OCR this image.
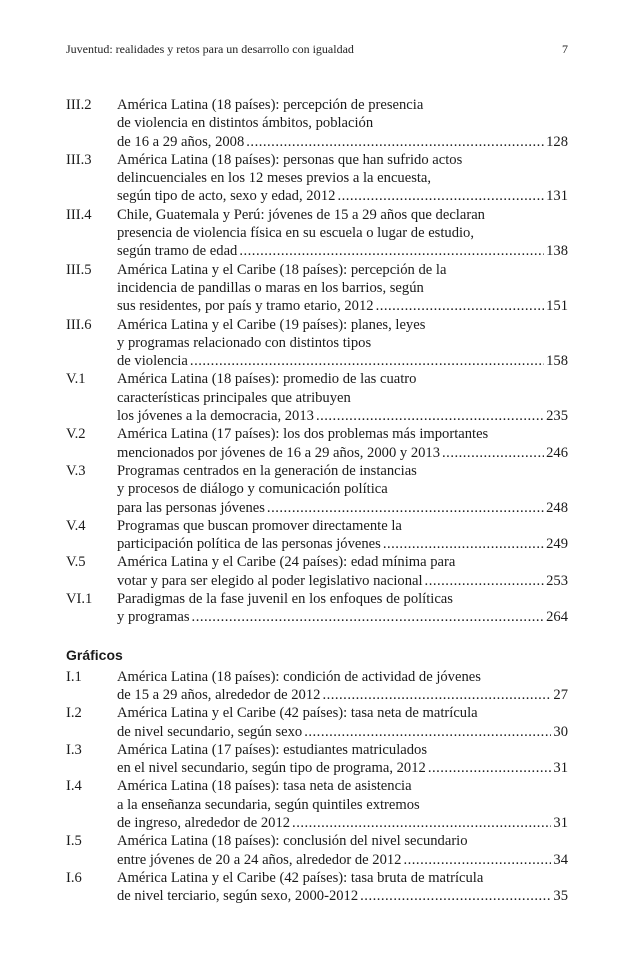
Juventud: realidades y retos para un desarrollo con igualdad	7
III.2	América Latina (18 países): percepción de presencia
de violencia en distintos ámbitos, población
de 16 a 29 años, 2008 .....	128
III.3	América Latina (18 países): personas que han sufrido actos
delincuenciales en los 12 meses previos a la encuesta,
según tipo de acto, sexo y edad, 2012 .....	131
III.4	Chile, Guatemala y Perú: jóvenes de 15 a 29 años que declaran
presencia de violencia física en su escuela o lugar de estudio,
según tramo de edad .....	138
III.5	América Latina y el Caribe (18 países): percepción de la
incidencia de pandillas o maras en los barrios, según
sus residentes, por país y tramo etario, 2012 .....	151
III.6	América Latina y el Caribe (19 países): planes, leyes
y programas relacionado con distintos tipos
de violencia .....	158
V.1	América Latina (18 países): promedio de las cuatro
características principales que atribuyen
los jóvenes a la democracia, 2013 .....	235
V.2	América Latina (17 países): los dos problemas más importantes
mencionados por jóvenes de 16 a 29 años, 2000 y 2013 .....	246
V.3	Programas centrados en la generación de instancias
y procesos de diálogo y comunicación política
para las personas jóvenes .....	248
V.4	Programas que buscan promover directamente la
participación política de las personas jóvenes .....	249
V.5	América Latina y el Caribe (24 países): edad mínima para
votar y para ser elegido al poder legislativo nacional .....	253
VI.1	Paradigmas de la fase juvenil en los enfoques de políticas
y programas .....	264
Gráficos
I.1	América Latina (18 países): condición de actividad de jóvenes
de 15 a 29 años, alrededor de 2012 .....	27
I.2	América Latina y el Caribe (42 países): tasa neta de matrícula
de nivel secundario, según sexo .....	30
I.3	América Latina (17 países): estudiantes matriculados
en el nivel secundario, según tipo de programa, 2012 .....	31
I.4	América Latina (18 países): tasa neta de asistencia
a la enseñanza secundaria, según quintiles extremos
de ingreso, alrededor de 2012 .....	31
I.5	América Latina (18 países): conclusión del nivel secundario
entre jóvenes de 20 a 24 años, alrededor de 2012 .....	34
I.6	América Latina y el Caribe (42 países): tasa bruta de matrícula
de nivel terciario, según sexo, 2000-2012 .....	35
